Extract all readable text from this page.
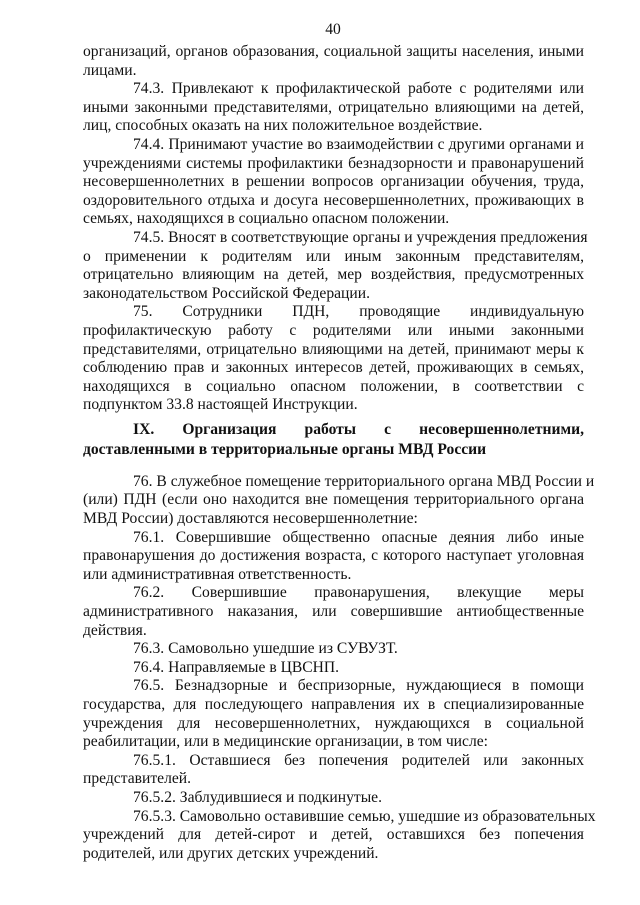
40
организаций, органов образования, социальной защиты населения, иными
лицами.
74.3. Привлекают к профилактической работе с родителями или
иными законными представителями, отрицательно влияющими на детей,
лиц, способных оказать на них положительное воздействие.
74.4. Принимают участие во взаимодействии с другими органами и
учреждениями системы профилактики безнадзорности и правонарушений
несовершеннолетних в решении вопросов организации обучения, труда,
оздоровительного отдыха и досуга несовершеннолетних, проживающих в
семьях, находящихся в социально опасном положении.
74.5. Вносят в соответствующие органы и учреждения предложения
о применении к родителям или иным законным представителям,
отрицательно влияющим на детей, мер воздействия, предусмотренных
законодательством Российской Федерации.
75. Сотрудники ПДН, проводящие индивидуальную
профилактическую работу с родителями или иными законными
представителями, отрицательно влияющими на детей, принимают меры к
соблюдению прав и законных интересов детей, проживающих в семьях,
находящихся в социально опасном положении, в соответствии с
подпунктом 33.8 настоящей Инструкции.
IX. Организация работы с несовершеннолетними,
доставленными в территориальные органы МВД России
76. В служебное помещение территориального органа МВД России и
(или) ПДН (если оно находится вне помещения территориального органа
МВД России) доставляются несовершеннолетние:
76.1. Совершившие общественно опасные деяния либо иные
правонарушения до достижения возраста, с которого наступает уголовная
или административная ответственность.
76.2. Совершившие правонарушения, влекущие меры
административного наказания, или совершившие антиобщественные
действия.
76.3. Самовольно ушедшие из СУВУЗТ.
76.4. Направляемые в ЦВСНП.
76.5. Безнадзорные и беспризорные, нуждающиеся в помощи
государства, для последующего направления их в специализированные
учреждения для несовершеннолетних, нуждающихся в социальной
реабилитации, или в медицинские организации, в том числе:
76.5.1. Оставшиеся без попечения родителей или законных
представителей.
76.5.2. Заблудившиеся и подкинутые.
76.5.3. Самовольно оставившие семью, ушедшие из образовательных
учреждений для детей-сирот и детей, оставшихся без попечения
родителей, или других детских учреждений.
